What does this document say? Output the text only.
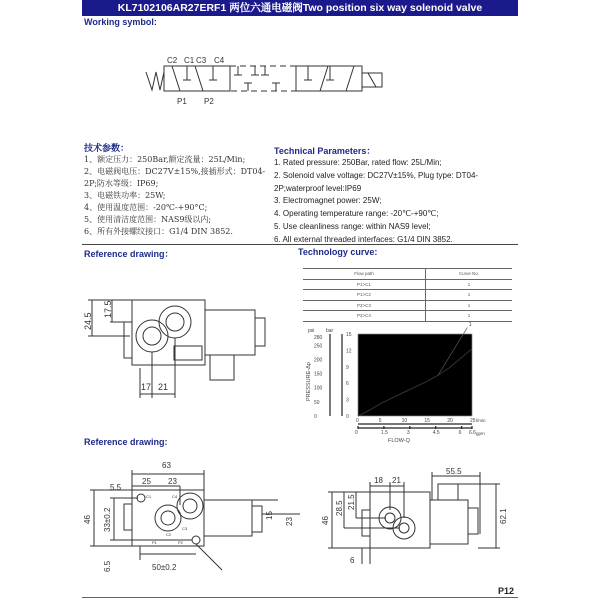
KL7102106AR27ERF1 两位六通电磁阀Two position six way solenoid valve
Working symbol:
C2 C1 C3 C4
P1 P2
技术参数：
1、额定压力：250Bar,额定流量：25L/Min;
2、电磁阀电压：DC27V±15%,接插形式：DT04-
2P;防水等级：IP69;
3、电磁铁功率：25W;
4、使用温度范围：-20℃-+90°C;
5、使用清洁度范围：NAS9级以内;
6、所有外接螺纹接口：G1/4 DIN 3852.
Technical Parameters：
1. Rated pressure: 250Bar, rated flow: 25L/Min;
2. Solenoid valve voltage: DC27V±15%, Plug type: DT04-
2P;waterproof level:IP69
3. Electromagnet power: 25W;
4. Operating temperature range: -20℃-+90℃;
5. Use cleanliness range: within NAS9 level;
6. All external threaded interfaces: G1/4 DIN 3852.
Reference drawing：
24.5
17.5
17 21
Technology curve:
Flow path	Curve No.
P1>C1	1
P1>C2	1
P2>C3	1
P2>C4	1
0	5	10	15	20	25
0	1.5	3	4.5	6 6.6
0
3
6
9
12
15
0
50
100
150
200
250
280
1
psi bar
PRESSURE-Δp
FLOW-Q
l/min
gpm
Reference drawing:
63
25 23
5.5
46 33±0.2
6.5	50±0.2
15
23
C1	C4
C2
C3
P1	P2
18 21
55.5
46
28.5 21.5
62.1
6
P12
